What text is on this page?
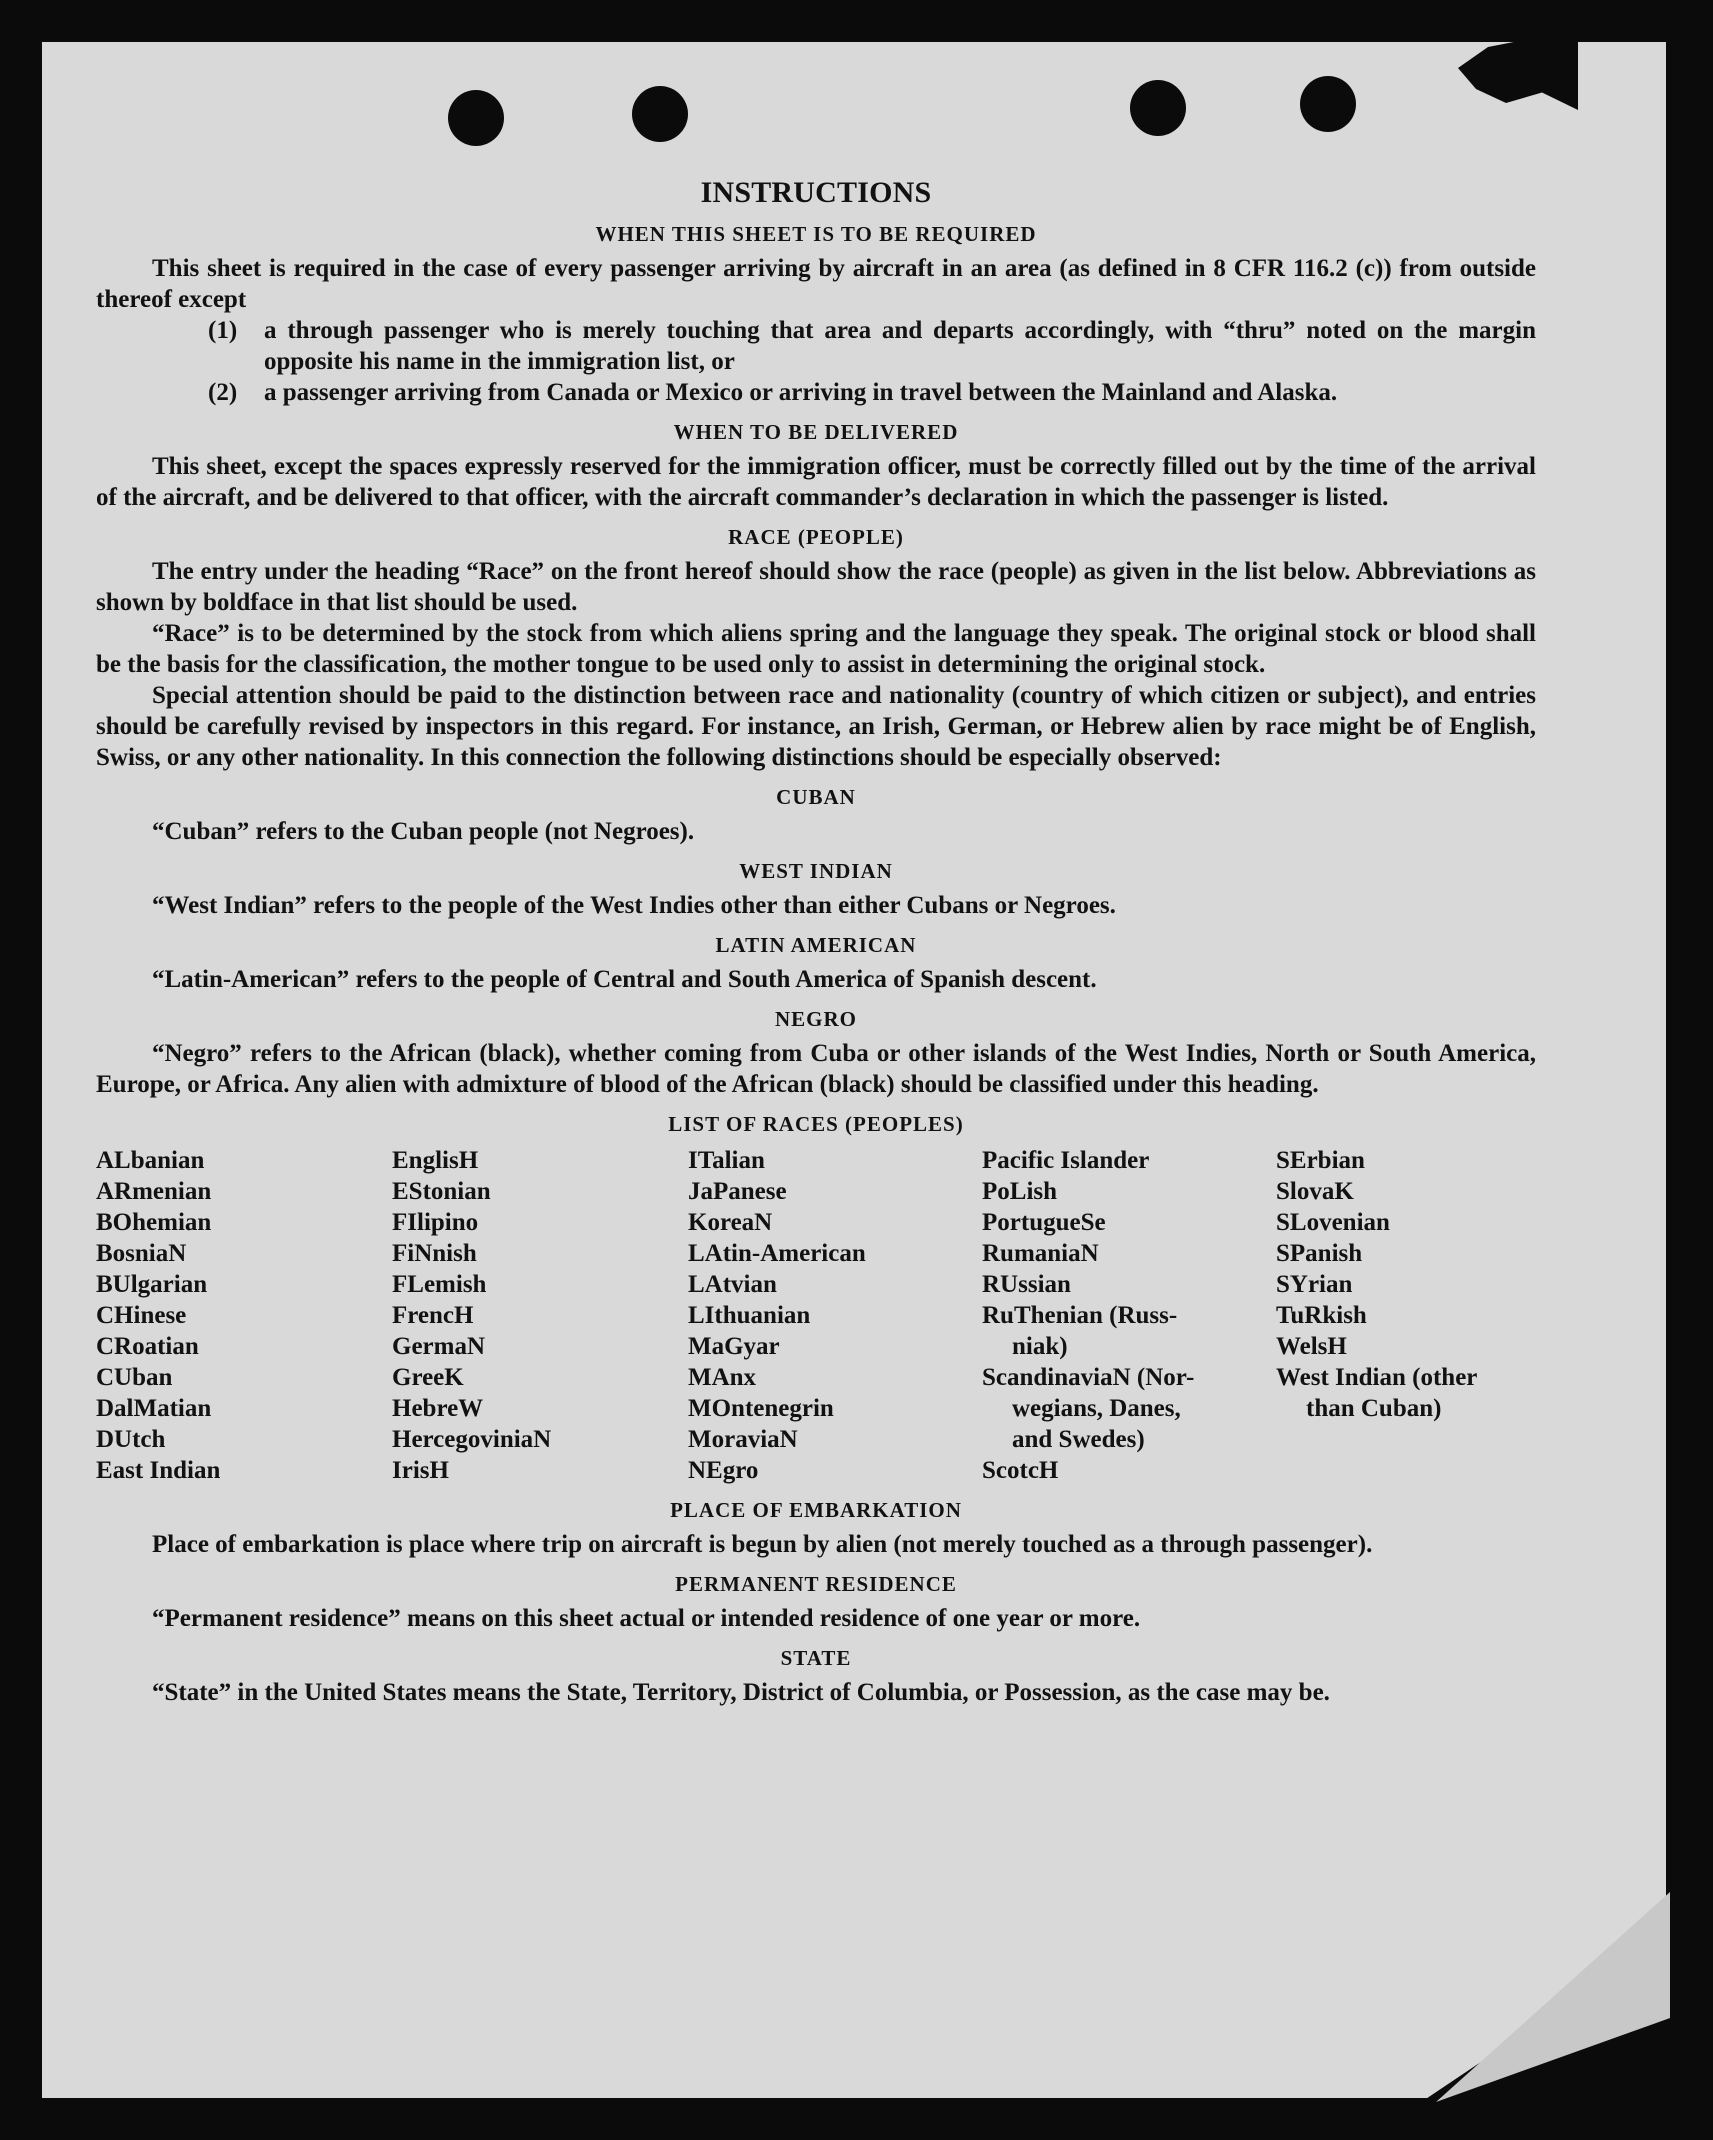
INSTRUCTIONS
WHEN THIS SHEET IS TO BE REQUIRED

This sheet is required in the case of every passenger arriving by aircraft in an area (as defined in 8 CFR 116.2 (c)) from outside thereof except

(1)	a through passenger who is merely touching that area and departs accordingly, with “thru” noted on the margin opposite his name in the immigration list, or
(2)	a passenger arriving from Canada or Mexico or arriving in travel between the Mainland and Alaska.
WHEN TO BE DELIVERED

This sheet, except the spaces expressly reserved for the immigration officer, must be correctly filled out by the time of the arrival of the aircraft, and be delivered to that officer, with the aircraft commander’s declaration in which the passenger is listed.

RACE (PEOPLE)

The entry under the heading “Race” on the front hereof should show the race (people) as given in the list below. Abbreviations as shown by boldface in that list should be used.

“Race” is to be determined by the stock from which aliens spring and the language they speak. The original stock or blood shall be the basis for the classification, the mother tongue to be used only to assist in determining the original stock.

Special attention should be paid to the distinction between race and nationality (country of which citizen or subject), and entries should be carefully revised by inspectors in this regard. For instance, an Irish, German, or Hebrew alien by race might be of English, Swiss, or any other nationality. In this connection the following distinctions should be especially observed:

CUBAN

“Cuban” refers to the Cuban people (not Negroes).

WEST INDIAN

“West Indian” refers to the people of the West Indies other than either Cubans or Negroes.

LATIN AMERICAN

“Latin-American” refers to the people of Central and South America of Spanish descent.

NEGRO

“Negro” refers to the African (black), whether coming from Cuba or other islands of the West Indies, North or South America, Europe, or Africa. Any alien with admixture of blood of the African (black) should be classified under this heading.

LIST OF RACES (PEOPLES)
ALbanian
ARmenian
BOhemian
BosniaN
BUlgarian
CHinese
CRoatian
CUban
DalMatian
DUtch
East Indian
EnglisH
EStonian
FIlipino
FiNnish
FLemish
FrencH
GermaN
GreeK
HebreW
HercegoviniaN
IrisH
ITalian
JaPanese
KoreaN
LAtin-American
LAtvian
LIthuanian
MaGyar
MAnx
MOntenegrin
MoraviaN
NEgro
Pacific Islander
PoLish
PortugueSe
RumaniaN
RUssian
RuThenian (Russ-
niak)
ScandinaviaN (Nor-
wegians, Danes,
and Swedes)
ScotcH
SErbian
SlovaK
SLovenian
SPanish
SYrian
TuRkish
WelsH
West Indian (other
than Cuban)
PLACE OF EMBARKATION

Place of embarkation is place where trip on aircraft is begun by alien (not merely touched as a through passenger).

PERMANENT RESIDENCE

“Permanent residence” means on this sheet actual or intended residence of one year or more.

STATE

“State” in the United States means the State, Territory, District of Columbia, or Possession, as the case may be.
